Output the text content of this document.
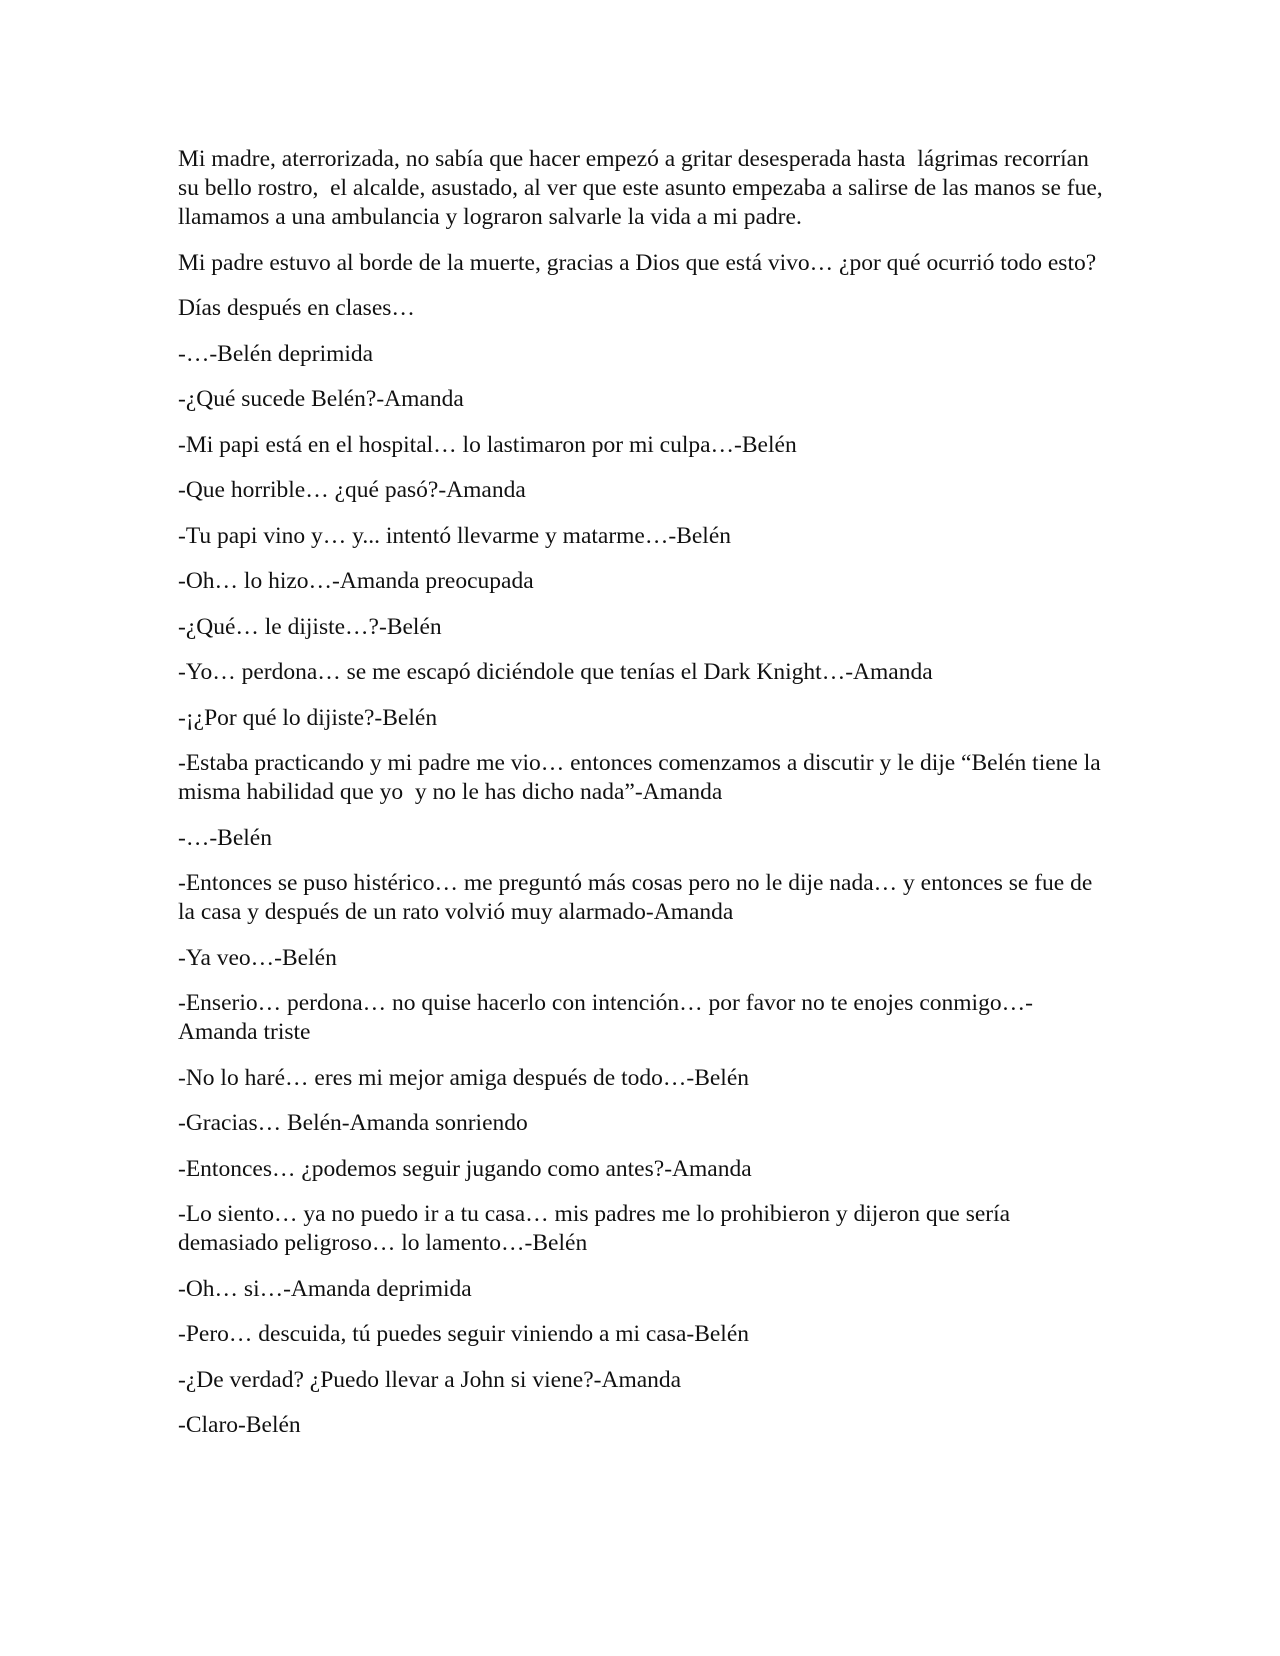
Mi madre, aterrorizada, no sabía que hacer empezó a gritar desesperada hasta  lágrimas recorrían su bello rostro,  el alcalde, asustado, al ver que este asunto empezaba a salirse de las manos se fue, llamamos a una ambulancia y lograron salvarle la vida a mi padre.

Mi padre estuvo al borde de la muerte, gracias a Dios que está vivo… ¿por qué ocurrió todo esto?

Días después en clases…

-…-Belén deprimida

-¿Qué sucede Belén?-Amanda

-Mi papi está en el hospital… lo lastimaron por mi culpa…-Belén

-Que horrible… ¿qué pasó?-Amanda

-Tu papi vino y… y... intentó llevarme y matarme…-Belén

-Oh… lo hizo…-Amanda preocupada

-¿Qué… le dijiste…?-Belén

-Yo… perdona… se me escapó diciéndole que tenías el Dark Knight…-Amanda

-¡¿Por qué lo dijiste?-Belén

-Estaba practicando y mi padre me vio… entonces comenzamos a discutir y le dije “Belén tiene la misma habilidad que yo  y no le has dicho nada”-Amanda

-…-Belén

-Entonces se puso histérico… me preguntó más cosas pero no le dije nada… y entonces se fue de la casa y después de un rato volvió muy alarmado-Amanda

-Ya veo…-Belén

-Enserio… perdona… no quise hacerlo con intención… por favor no te enojes conmigo…-Amanda triste

-No lo haré… eres mi mejor amiga después de todo…-Belén

-Gracias… Belén-Amanda sonriendo

-Entonces… ¿podemos seguir jugando como antes?-Amanda

-Lo siento… ya no puedo ir a tu casa… mis padres me lo prohibieron y dijeron que sería demasiado peligroso… lo lamento…-Belén

-Oh… si…-Amanda deprimida

-Pero… descuida, tú puedes seguir viniendo a mi casa-Belén

-¿De verdad? ¿Puedo llevar a John si viene?-Amanda

-Claro-Belén
